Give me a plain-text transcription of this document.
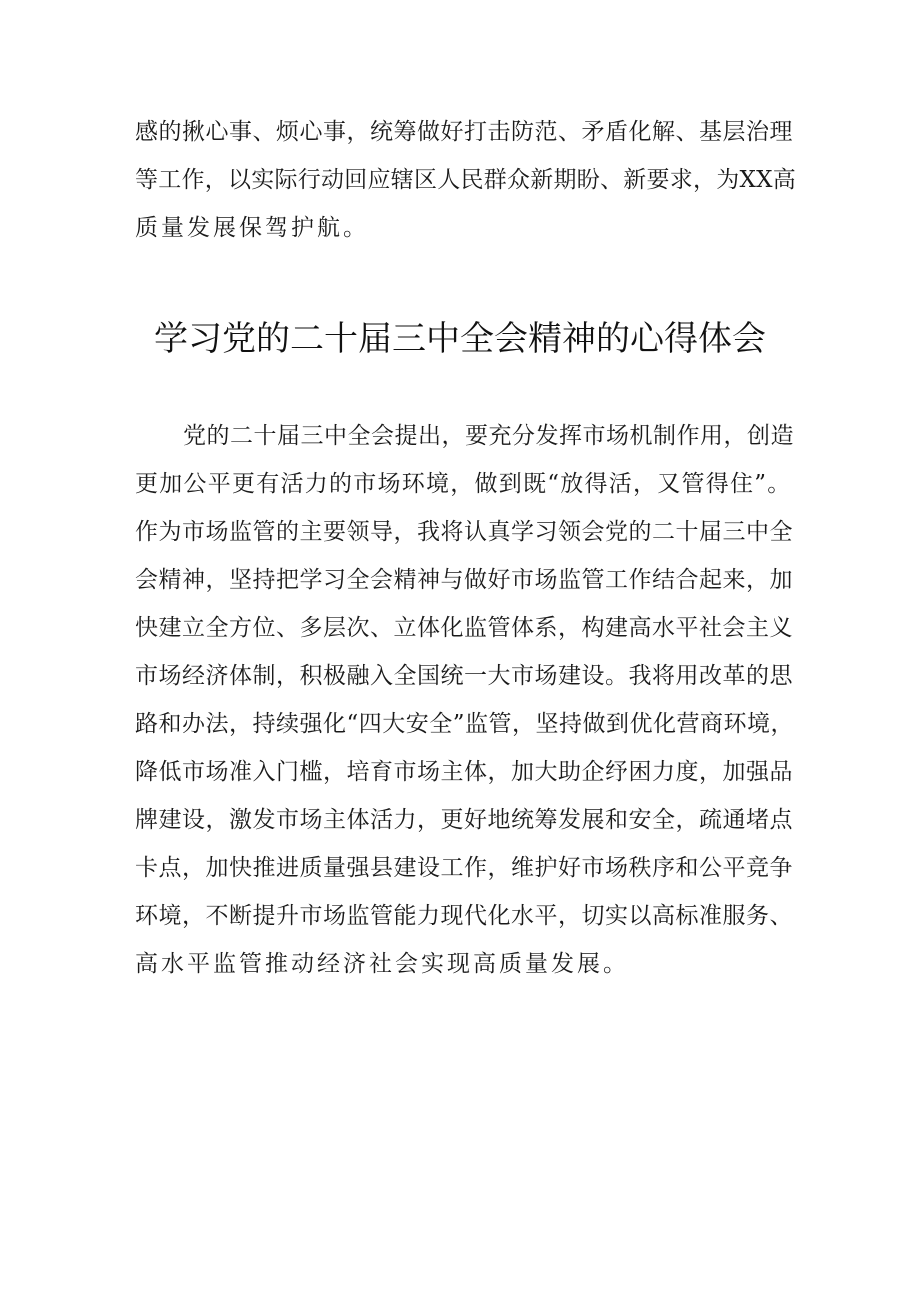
感的揪心事、烦心事，统筹做好打击防范、矛盾化解、基层治理
等工作，以实际行动回应辖区人民群众新期盼、新要求，为XX高
质量发展保驾护航。
学习党的二十届三中全会精神的心得体会
党的二十届三中全会提出，要充分发挥市场机制作用，创造
更加公平更有活力的市场环境，做到既“放得活，又管得住”。
作为市场监管的主要领导，我将认真学习领会党的二十届三中全
会精神，坚持把学习全会精神与做好市场监管工作结合起来，加
快建立全方位、多层次、立体化监管体系，构建高水平社会主义
市场经济体制，积极融入全国统一大市场建设。我将用改革的思
路和办法，持续强化“四大安全”监管，坚持做到优化营商环境，
降低市场准入门槛，培育市场主体，加大助企纾困力度，加强品
牌建设，激发市场主体活力，更好地统筹发展和安全，疏通堵点
卡点，加快推进质量强县建设工作，维护好市场秩序和公平竞争
环境，不断提升市场监管能力现代化水平，切实以高标准服务、
高水平监管推动经济社会实现高质量发展。
